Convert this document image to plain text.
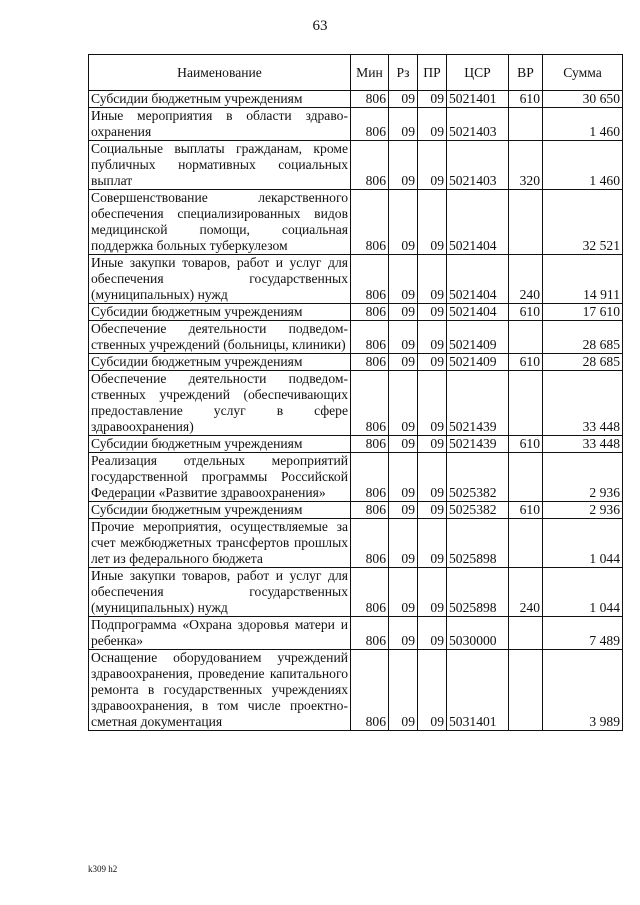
63
Наименование	Мин	Рз	ПР	ЦСР	ВР	Сумма
Субсидии бюджетным учреждениям	806	09	09	5021401	610	30 650
Иные мероприятия в области здравоохранения	806	09	09	5021403		1 460
Социальные выплаты гражданам, кроме публичных нормативных социальных выплат	806	09	09	5021403	320	1 460
Совершенствование лекарственного обеспечения специализированных видов медицинской помощи, социальная поддержка больных туберкулезом	806	09	09	5021404		32 521
Иные закупки товаров, работ и услуг для обеспечения государственных (муниципальных) нужд	806	09	09	5021404	240	14 911
Субсидии бюджетным учреждениям	806	09	09	5021404	610	17 610
Обеспечение деятельности подведомственных учреждений (больницы, клиники)	806	09	09	5021409		28 685
Субсидии бюджетным учреждениям	806	09	09	5021409	610	28 685
Обеспечение деятельности подведомственных учреждений (обеспечивающих предоставление услуг в сфере здравоохранения)	806	09	09	5021439		33 448
Субсидии бюджетным учреждениям	806	09	09	5021439	610	33 448
Реализация отдельных мероприятий государственной программы Российской Федерации «Развитие здравоохранения»	806	09	09	5025382		2 936
Субсидии бюджетным учреждениям	806	09	09	5025382	610	2 936
Прочие мероприятия, осуществляемые за счет межбюджетных трансфертов прошлых лет из федерального бюджета	806	09	09	5025898		1 044
Иные закупки товаров, работ и услуг для обеспечения государственных (муниципальных) нужд	806	09	09	5025898	240	1 044
Подпрограмма «Охрана здоровья матери и ребенка»	806	09	09	5030000		7 489
Оснащение оборудованием учреждений здравоохранения, проведение капитального ремонта в государственных учреждениях здравоохранения, в том числе проектно-сметная документация	806	09	09	5031401		3 989
k309 h2
